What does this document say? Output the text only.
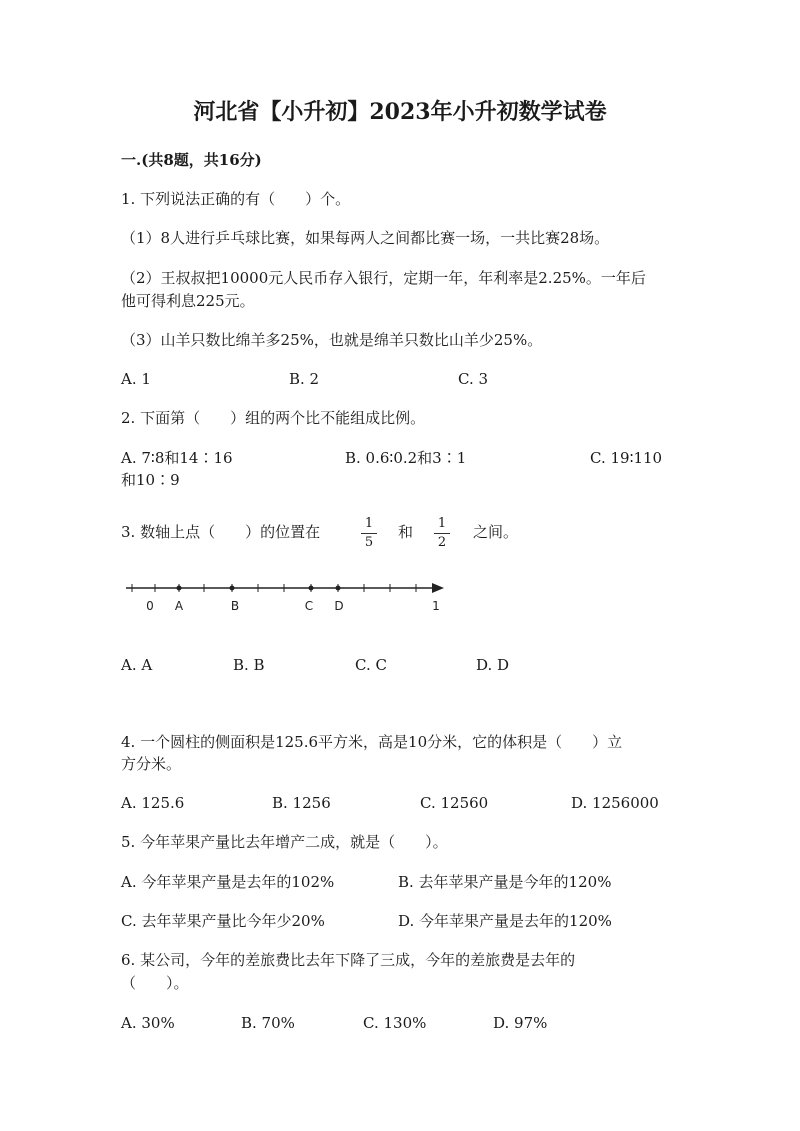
河北省【小升初】2023年小升初数学试卷
一.(共8题，共16分)
1. 下列说法正确的有（　　）个。
（1）8人进行乒乓球比赛，如果每两人之间都比赛一场，一共比赛28场。
（2）王叔叔把10000元人民币存入银行，定期一年，年利率是2.25%。一年后
他可得利息225元。
（3）山羊只数比绵羊多25%，也就是绵羊只数比山羊少25%。
A. 1	B. 2	C. 3
2. 下面第（　　）组的两个比不能组成比例。
A. 7∶8和14∶16	B. 0.6∶0.2和3∶1	C. 19∶110
和10∶9
3. 数轴上点（　　）的位置在	1
5
和	1
2
之间。
0 A	B	C D	1
A. A	B. B	C. C	D. D
4. 一个圆柱的侧面积是125.6平方米，高是10分米，它的体积是（　　）立
方分米。
A. 125.6	B. 1256	C. 12560	D. 1256000
5. 今年苹果产量比去年增产二成，就是（　　）。
A. 今年苹果产量是去年的102%	B. 去年苹果产量是今年的120%
C. 去年苹果产量比今年少20%	D. 今年苹果产量是去年的120%
6. 某公司，今年的差旅费比去年下降了三成，今年的差旅费是去年的
（　　）。
A. 30%	B. 70%	C. 130%	D. 97%
